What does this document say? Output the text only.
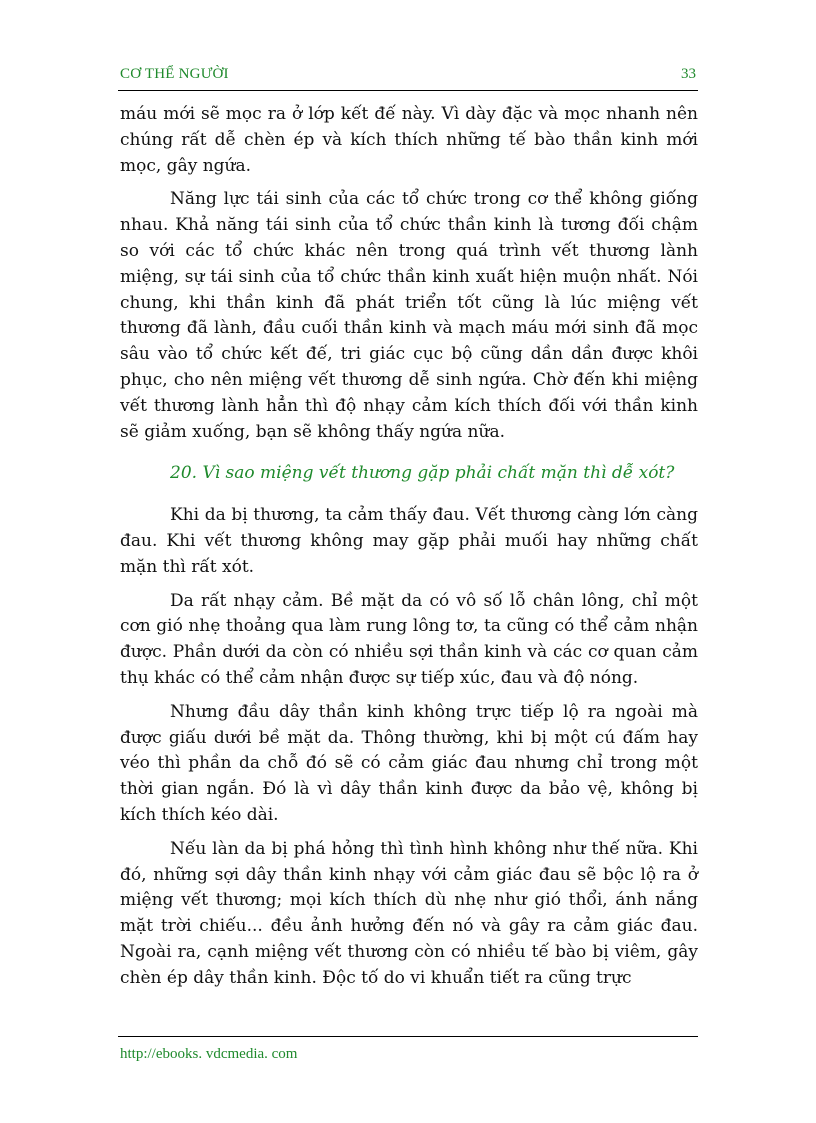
CƠ THỂ NGƯỜI	33

máu mới sẽ mọc ra ở lớp kết đế này. Vì dày đặc và mọc nhanh nên chúng rất dễ chèn ép và kích thích những tế bào thần kinh mới mọc, gây ngứa.

Năng lực tái sinh của các tổ chức trong cơ thể không giống nhau. Khả năng tái sinh của tổ chức thần kinh là tương đối chậm so với các tổ chức khác nên trong quá trình vết thương lành miệng, sự tái sinh của tổ chức thần kinh xuất hiện muộn nhất. Nói chung, khi thần kinh đã phát triển tốt cũng là lúc miệng vết thương đã lành, đầu cuối thần kinh và mạch máu mới sinh đã mọc sâu vào tổ chức kết đế, tri giác cục bộ cũng dần dần được khôi phục, cho nên miệng vết thương dễ sinh ngứa. Chờ đến khi miệng vết thương lành hẳn thì độ nhạy cảm kích thích đối với thần kinh sẽ giảm xuống, bạn sẽ không thấy ngứa nữa.

20. Vì sao miệng vết thương gặp phải chất mặn thì dễ xót?

Khi da bị thương, ta cảm thấy đau. Vết thương càng lớn càng đau. Khi vết thương không may gặp phải muối hay những chất mặn thì rất xót.

Da rất nhạy cảm. Bề mặt da có vô số lỗ chân lông, chỉ một cơn gió nhẹ thoảng qua làm rung lông tơ, ta cũng có thể cảm nhận được. Phần dưới da còn có nhiều sợi thần kinh và các cơ quan cảm thụ khác có thể cảm nhận được sự tiếp xúc, đau và độ nóng.

Nhưng đầu dây thần kinh không trực tiếp lộ ra ngoài mà được giấu dưới bề mặt da. Thông thường, khi bị một cú đấm hay véo thì phần da chỗ đó sẽ có cảm giác đau nhưng chỉ trong một thời gian ngắn. Đó là vì dây thần kinh được da bảo vệ, không bị kích thích kéo dài.

Nếu làn da bị phá hỏng thì tình hình không như thế nữa. Khi đó, những sợi dây thần kinh nhạy với cảm giác đau sẽ bộc lộ ra ở miệng vết thương; mọi kích thích dù nhẹ như gió thổi, ánh nắng mặt trời chiếu... đều ảnh hưởng đến nó và gây ra cảm giác đau. Ngoài ra, cạnh miệng vết thương còn có nhiều tế bào bị viêm, gây chèn ép dây thần kinh. Độc tố do vi khuẩn tiết ra cũng trực

http://ebooks. vdcmedia. com
